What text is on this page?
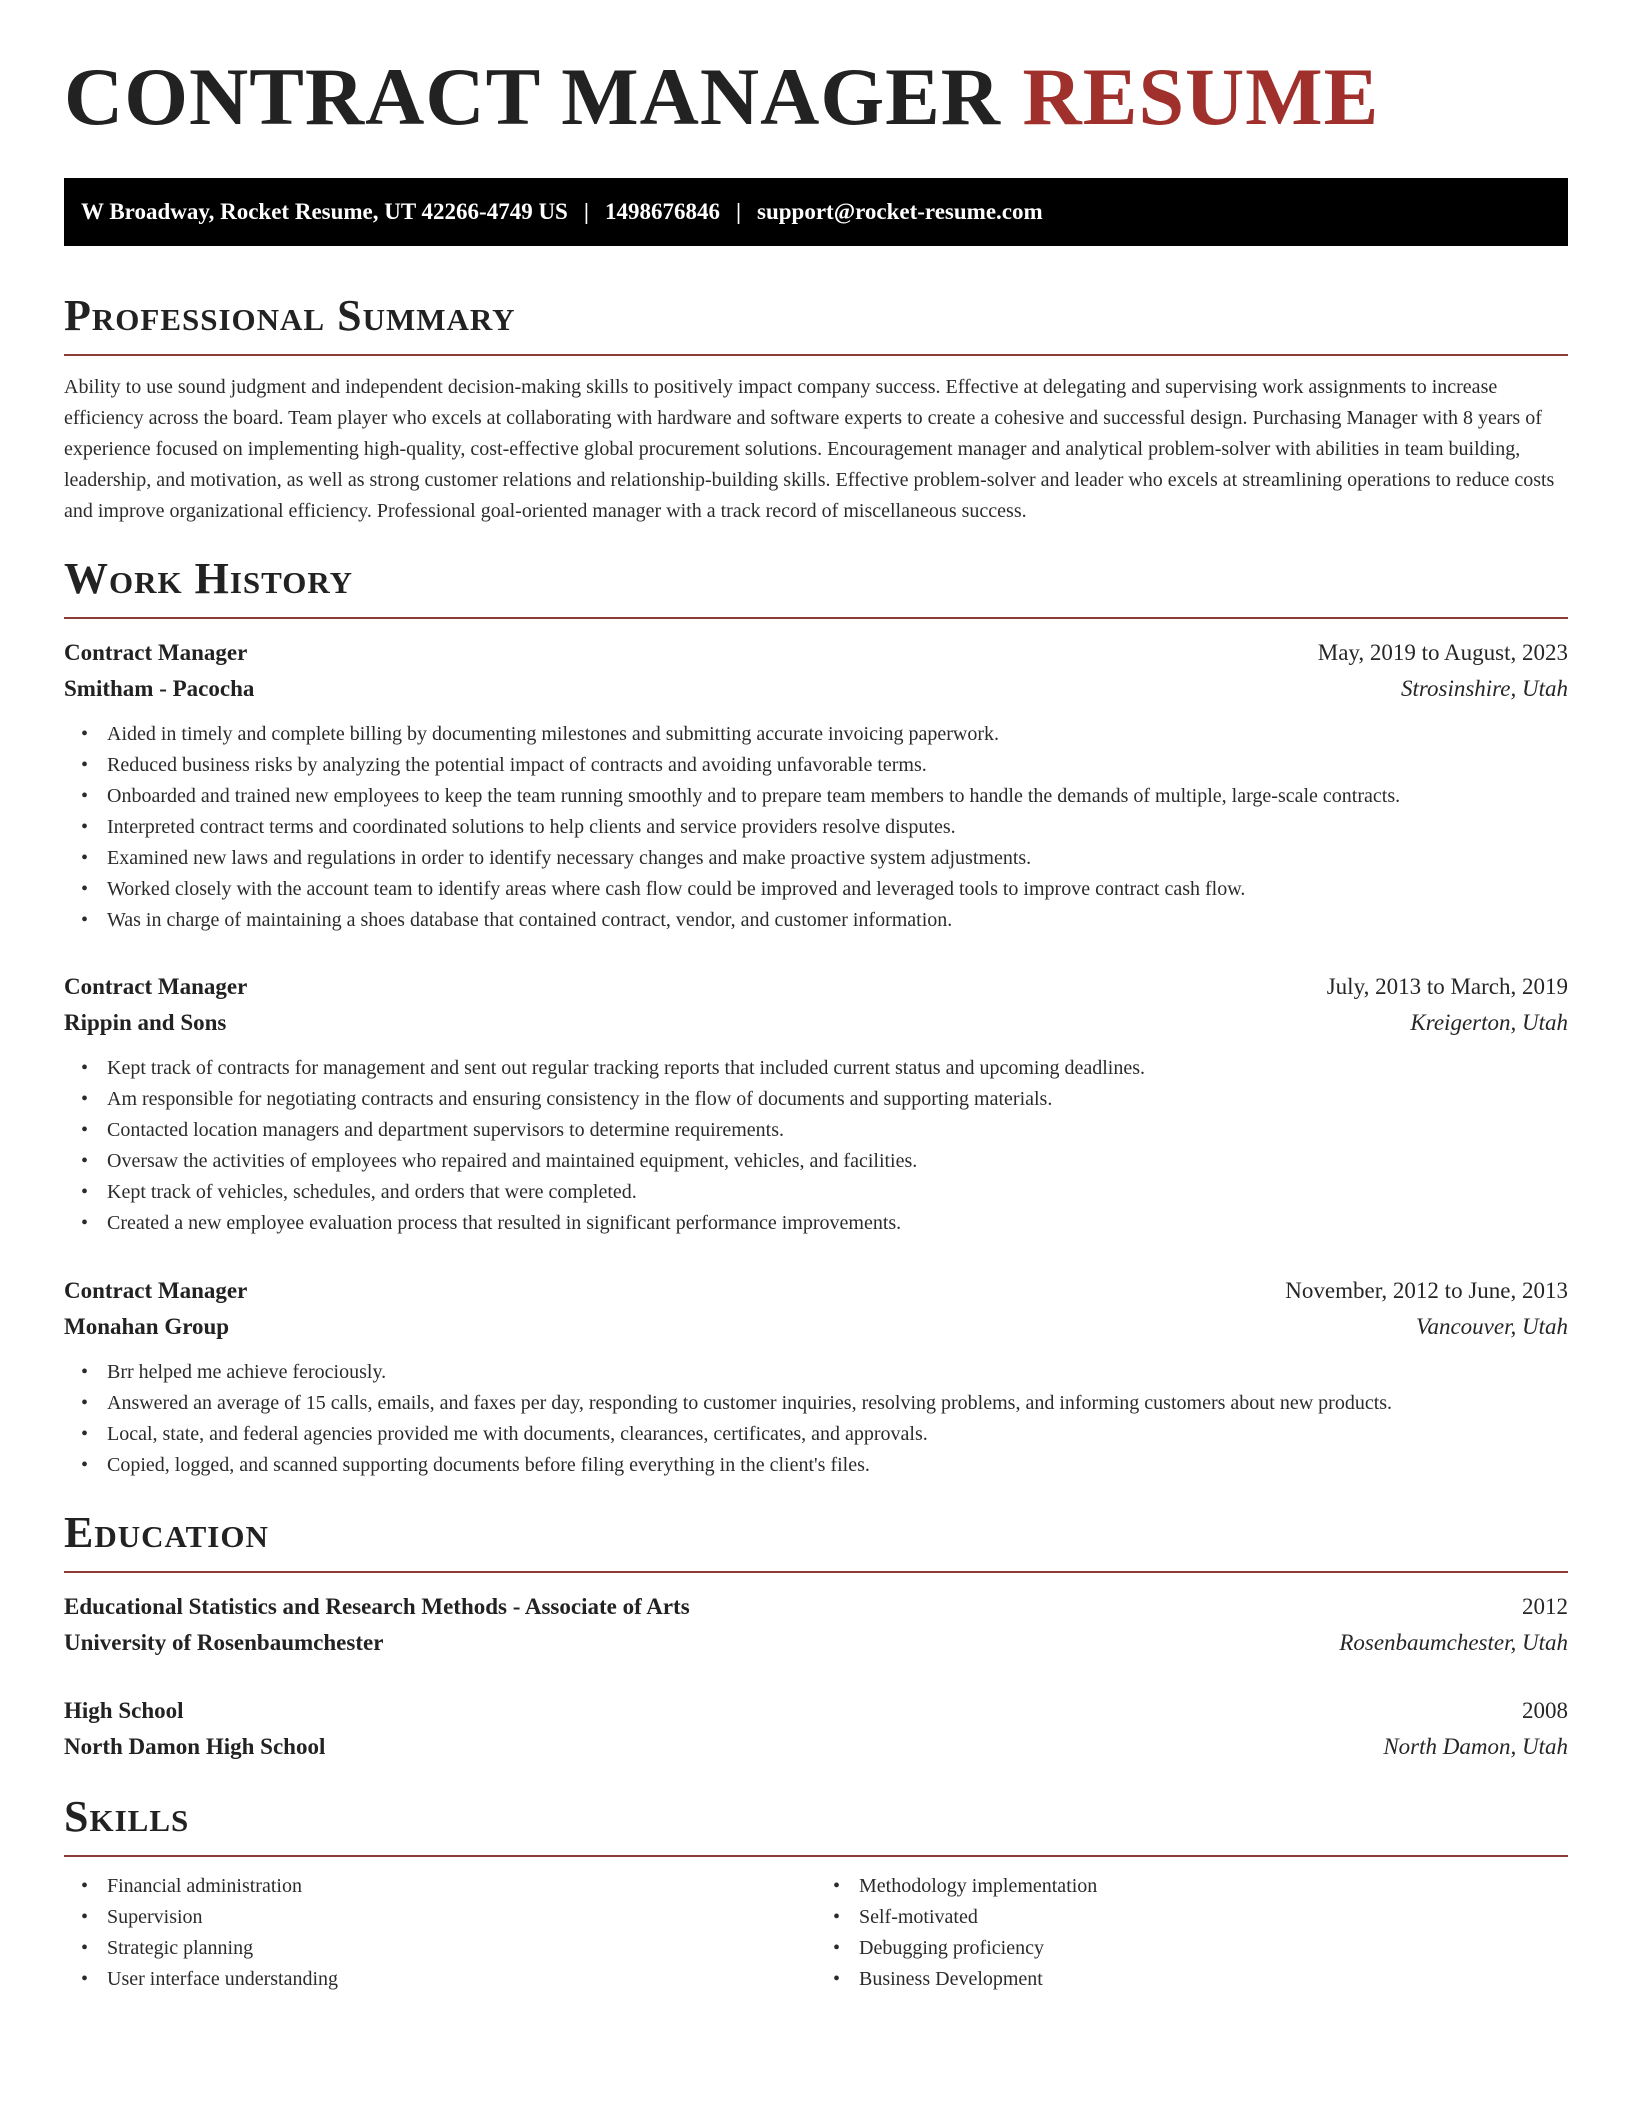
CONTRACT MANAGER RESUME
W Broadway, Rocket Resume, UT 42266-4749 US | 1498676846 | support@rocket-resume.com
Professional Summary

Ability to use sound judgment and independent decision-making skills to positively impact company success. Effective at delegating and supervising work assignments to increase efficiency across the board. Team player who excels at collaborating with hardware and software experts to create a cohesive and successful design. Purchasing Manager with 8 years of experience focused on implementing high-quality, cost-effective global procurement solutions. Encouragement manager and analytical problem-solver with abilities in team building, leadership, and motivation, as well as strong customer relations and relationship-building skills. Effective problem-solver and leader who excels at streamlining operations to reduce costs and improve organizational efficiency. Professional goal-oriented manager with a track record of miscellaneous success.

Work History
Contract Manager	May, 2019 to August, 2023
Smitham - Pacocha	Strosinshire, Utah
• Aided in timely and complete billing by documenting milestones and submitting accurate invoicing paperwork.
• Reduced business risks by analyzing the potential impact of contracts and avoiding unfavorable terms.
• Onboarded and trained new employees to keep the team running smoothly and to prepare team members to handle the demands of multiple, large-scale contracts.
• Interpreted contract terms and coordinated solutions to help clients and service providers resolve disputes.
• Examined new laws and regulations in order to identify necessary changes and make proactive system adjustments.
• Worked closely with the account team to identify areas where cash flow could be improved and leveraged tools to improve contract cash flow.
• Was in charge of maintaining a shoes database that contained contract, vendor, and customer information.
Contract Manager	July, 2013 to March, 2019
Rippin and Sons	Kreigerton, Utah
• Kept track of contracts for management and sent out regular tracking reports that included current status and upcoming deadlines.
• Am responsible for negotiating contracts and ensuring consistency in the flow of documents and supporting materials.
• Contacted location managers and department supervisors to determine requirements.
• Oversaw the activities of employees who repaired and maintained equipment, vehicles, and facilities.
• Kept track of vehicles, schedules, and orders that were completed.
• Created a new employee evaluation process that resulted in significant performance improvements.
Contract Manager	November, 2012 to June, 2013
Monahan Group	Vancouver, Utah
• Brr helped me achieve ferociously.
• Answered an average of 15 calls, emails, and faxes per day, responding to customer inquiries, resolving problems, and informing customers about new products.
• Local, state, and federal agencies provided me with documents, clearances, certificates, and approvals.
• Copied, logged, and scanned supporting documents before filing everything in the client's files.
Education
Educational Statistics and Research Methods - Associate of Arts	2012
University of Rosenbaumchester	Rosenbaumchester, Utah
High School	2008
North Damon High School	North Damon, Utah
Skills
• Financial administration
• Supervision
• Strategic planning
• User interface understanding
• Methodology implementation
• Self-motivated
• Debugging proficiency
• Business Development
